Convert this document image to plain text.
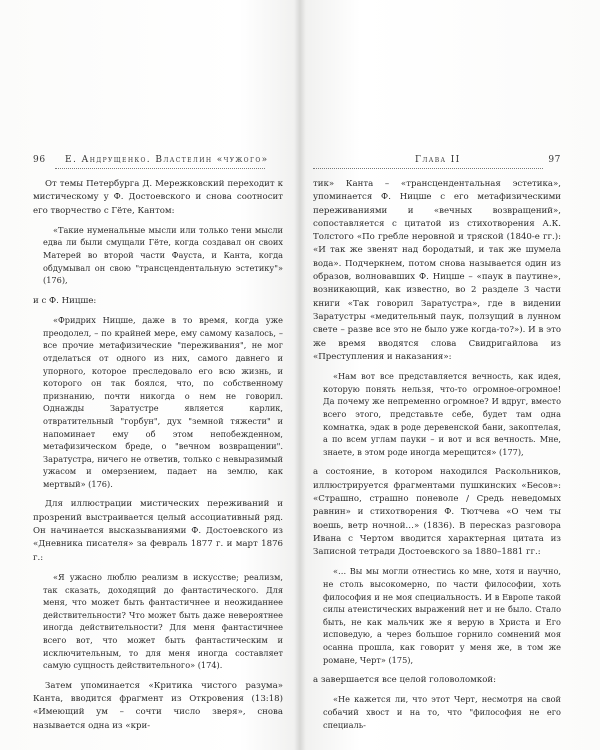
96 Е. Андрущенко. Властелин «чужого»	Глава II	97

От темы Петербурга Д. Мережковский переходит к мистическому у Ф. Достоевского и снова соотносит его творчество с Гёте, Кантом:

«Такие нуменальные мысли или только тени мысли едва ли были смущали Гёте, когда создавал он своих Матерей во второй части Фауста, и Канта, когда обдумывал он свою "трансцендентальную эстетику"» (176),

и с Ф. Ницше:

«Фридрих Ницше, даже в то время, когда уже преодолел, – по крайней мере, ему самому казалось, – все прочие метафизические "переживания", не мог отделаться от одного из них, самого давнего и упорного, которое преследовало его всю жизнь, и которого он так боялся, что, по собственному признанию, почти никогда о нем не говорил. Однажды Заратустре является карлик, отвратительный "горбун", дух "земной тяжести" и напоминает ему об этом непобежденном, метафизическом бреде, о "вечном возвращении". Заратустра, ничего не ответив, только с невыразимый ужасом и омерзением, падает на землю, как мертвый» (176).

Для иллюстрации мистических переживаний и прозрений выстраивается целый ассоциативный ряд. Он начинается высказываниями Ф. Достоевского из «Дневника писателя» за февраль 1877 г. и март 1876 г.:

«Я ужасно люблю реализм в искусстве; реализм, так сказать, доходящий до фантастического. Для меня, что может быть фантастичнее и неожиданнее действительности? Что может быть даже невероятнее иногда действительности? Для меня фантастичнее всего вот, что может быть фантастическим и исключительным, то для меня иногда составляет самую сущность действительного» (174).

Затем упоминается «Критика чистого разума» Канта, вводится фрагмент из Откровения (13:18) «Имеющий ум – сочти число зверя», снова называется одна из «кри-

тик» Канта – «трансцендентальная эстетика», упоминается Ф. Ницше с его метафизическими переживаниями и «вечных возвращений», сопоставляется с цитатой из стихотворения А.К. Толстого «По гребле неровной и тряской (1840-е гг.): «И так же звенят над бородатый, и так же шумела вода». Подчеркнем, потом снова называется один из образов, волновавших Ф. Ницше – «паук в паутине», возникающий, как известно, во 2 разделе 3 части книги «Так говорил Заратустра», где в видении Заратустры «медительный паук, ползущий в лунном свете – разве все это не было уже когда-то?»). И в это же время вводятся слова Свидригайлова из «Преступления и наказания»:

«Нам вот все представляется вечность, как идея, которую понять нельзя, что-то огромное-огромное! Да почему же непременно огромное? И вдруг, вместо всего этого, представьте себе, будет там одна комнатка, эдак в роде деревенской бани, закоптелая, а по всем углам пауки – и вот и вся вечность. Мне, знаете, в этом роде иногда мерещится» (177),

а состояние, в котором находился Раскольников, иллюстрируется фрагментами пушкинских «Бесов»: «Страшно, страшно поневоле / Средь неведомых равнин» и стихотворения Ф. Тютчева «О чем ты воешь, ветр ночной…» (1836). В пересказ разговора Ивана с Чертом вводится характерная цитата из Записной тетради Достоевского за 1880–1881 гг.:

«… Вы мы могли отнестись ко мне, хотя и научно, не столь высокомерно, по части философии, хоть философия и не моя специальность. И в Европе такой силы атеистических выражений нет и не было. Стало быть, не как мальчик же я верую в Христа и Его исповедую, а через большое горнило сомнений моя осанна прошла, как говорит у меня же, в том же романе, Черт» (175),

а завершается все целой головоломкой:

«Не кажется ли, что этот Черт, несмотря на свой собачий хвост и на то, что "философия не его специаль-
